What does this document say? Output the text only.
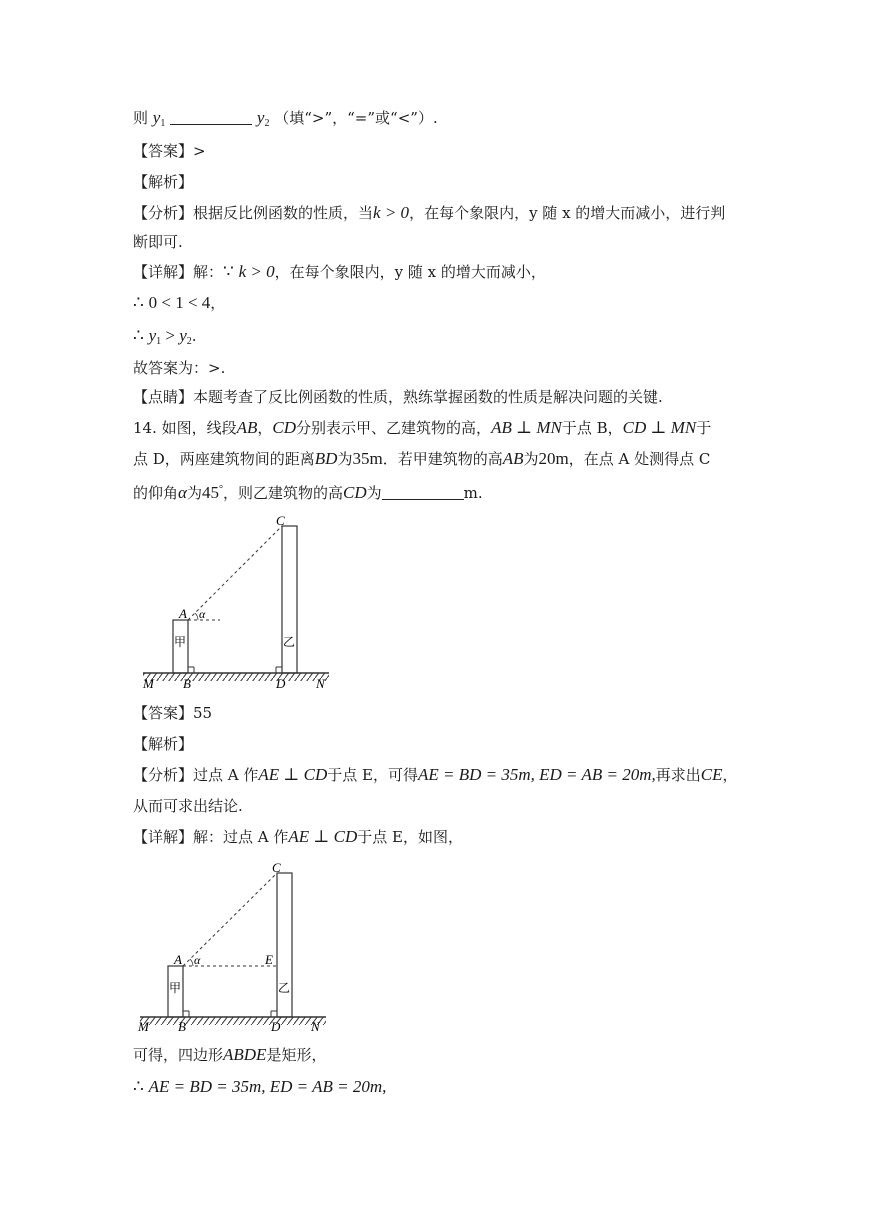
则 $y_1$	$y_2$ （填“>”，“=”或“<”）.
【答案】>
【解析】
【分析】根据反比例函数的性质，当k > 0，在每个象限内，y 随 x 的增大而减小，进行判
断即可.
【详解】解：∵ k > 0，在每个象限内，y 随 x 的增大而减小，
∴ 0 < 1 < 4，
∴ $y_1 > y_2$.
故答案为：>.
【点睛】本题考查了反比例函数的性质，熟练掌握函数的性质是解决问题的关键.
14. 如图，线段AB，CD分别表示甲、乙建筑物的高，AB ⊥ MN于点 B，CD ⊥ MN于
点 D，两座建筑物间的距离BD为35m．若甲建筑物的高AB为20m，在点 A 处测得点 C
的仰角α为45°，则乙建筑物的高CD为	m.
C
A α
甲	乙
M B	D N
【答案】55
【解析】
【分析】过点 A 作AE ⊥ CD于点 E，可得AE = BD = 35m, ED = AB = 20m,再求出CE，
从而可求出结论.
【详解】解：过点 A 作AE ⊥ CD于点 E，如图，
C
A α	E
甲	乙
M B	D N
可得，四边形ABDE是矩形，
∴ AE = BD = 35m, ED = AB = 20m,
